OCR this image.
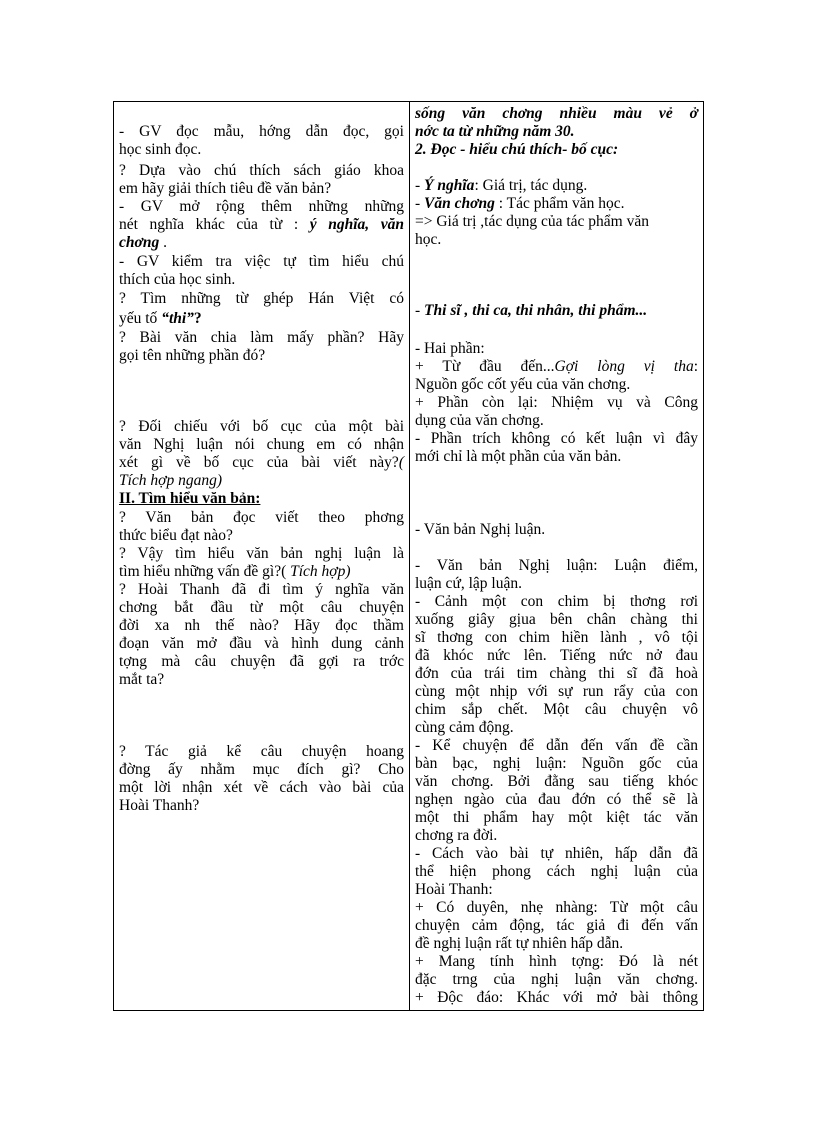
- GV đọc mẫu, hớng dẫn đọc, gọi
học sinh đọc.
? Dựa vào chú thích sách giáo khoa
em hãy giải thích tiêu đề văn bản?
- GV mở rộng thêm những những
nét nghĩa khác của từ : ý nghĩa, văn
chơng .
- GV kiểm tra việc tự tìm hiểu chú
thích của học sinh.
? Tìm những từ ghép Hán Việt có
yếu tố “thi”?
? Bài văn chia làm mấy phần? Hãy
gọi tên những phần đó?
? Đối chiếu với bố cục của một bài
văn Nghị luận nói chung em có nhận
xét gì về bố cục của bài viết này?(
Tích hợp ngang)
II. Tìm hiểu văn bản:
? Văn bản đọc viết theo phơng
thức biểu đạt nào?
? Vậy tìm hiểu văn bản nghị luận là
tìm hiểu những vấn đề gì?( Tích hợp)
? Hoài Thanh đã đi tìm ý nghĩa văn
chơng bắt đầu từ một câu chuyện
đời xa nh thế nào? Hãy đọc thầm
đoạn văn mở đầu và hình dung cảnh
tợng mà câu chuyện đã gợi ra trớc
mắt ta?
? Tác giả kể câu chuyện hoang
đờng ấy nhằm mục đích gì? Cho
một lời nhận xét về cách vào bài của
Hoài Thanh?
sống văn chơng nhiều màu vẻ ở
nớc ta từ những năm 30.
2. Đọc - hiểu chú thích- bố cục:
- Ý nghĩa: Giá trị, tác dụng.
- Văn chơng : Tác phẩm văn học.
=> Giá trị ,tác dụng của tác phẩm văn
học.
- Thi sĩ , thi ca, thi nhân, thi phẩm...
- Hai phần:
+ Từ đầu đến...Gợi lòng vị tha:
Nguồn gốc cốt yếu của văn chơng.
+ Phần còn lại: Nhiệm vụ và Công
dụng của văn chơng.
- Phần trích không có kết luận vì đây
mới chỉ là một phần của văn bản.
- Văn bản Nghị luận.
- Văn bản Nghị luận: Luận điểm,
luận cứ, lập luận.
- Cảnh một con chim bị thơng rơi
xuống giây gịua bên chân chàng thi
sĩ thơng con chim hiền lành , vô tội
đã khóc nức lên. Tiếng nức nở đau
đớn của trái tim chàng thi sĩ đã hoà
cùng một nhịp với sự run rẩy của con
chim sắp chết. Một câu chuyện vô
cùng cảm động.
- Kể chuyện để dẫn đến vấn đề cần
bàn bạc, nghị luận: Nguồn gốc của
văn chơng. Bởi đằng sau tiếng khóc
nghẹn ngào của đau đớn có thể sẽ là
một thi phẩm hay một kiệt tác văn
chơng ra đời.
- Cách vào bài tự nhiên, hấp dẫn đã
thể hiện phong cách nghị luận của
Hoài Thanh:
+ Có duyên, nhẹ nhàng: Từ một câu
chuyện cảm động, tác giả đi đến vấn
đề nghị luận rất tự nhiên hấp dẫn.
+ Mang tính hình tợng: Đó là nét
đặc trng của nghị luận văn chơng.
+ Độc đáo: Khác với mở bài thông
